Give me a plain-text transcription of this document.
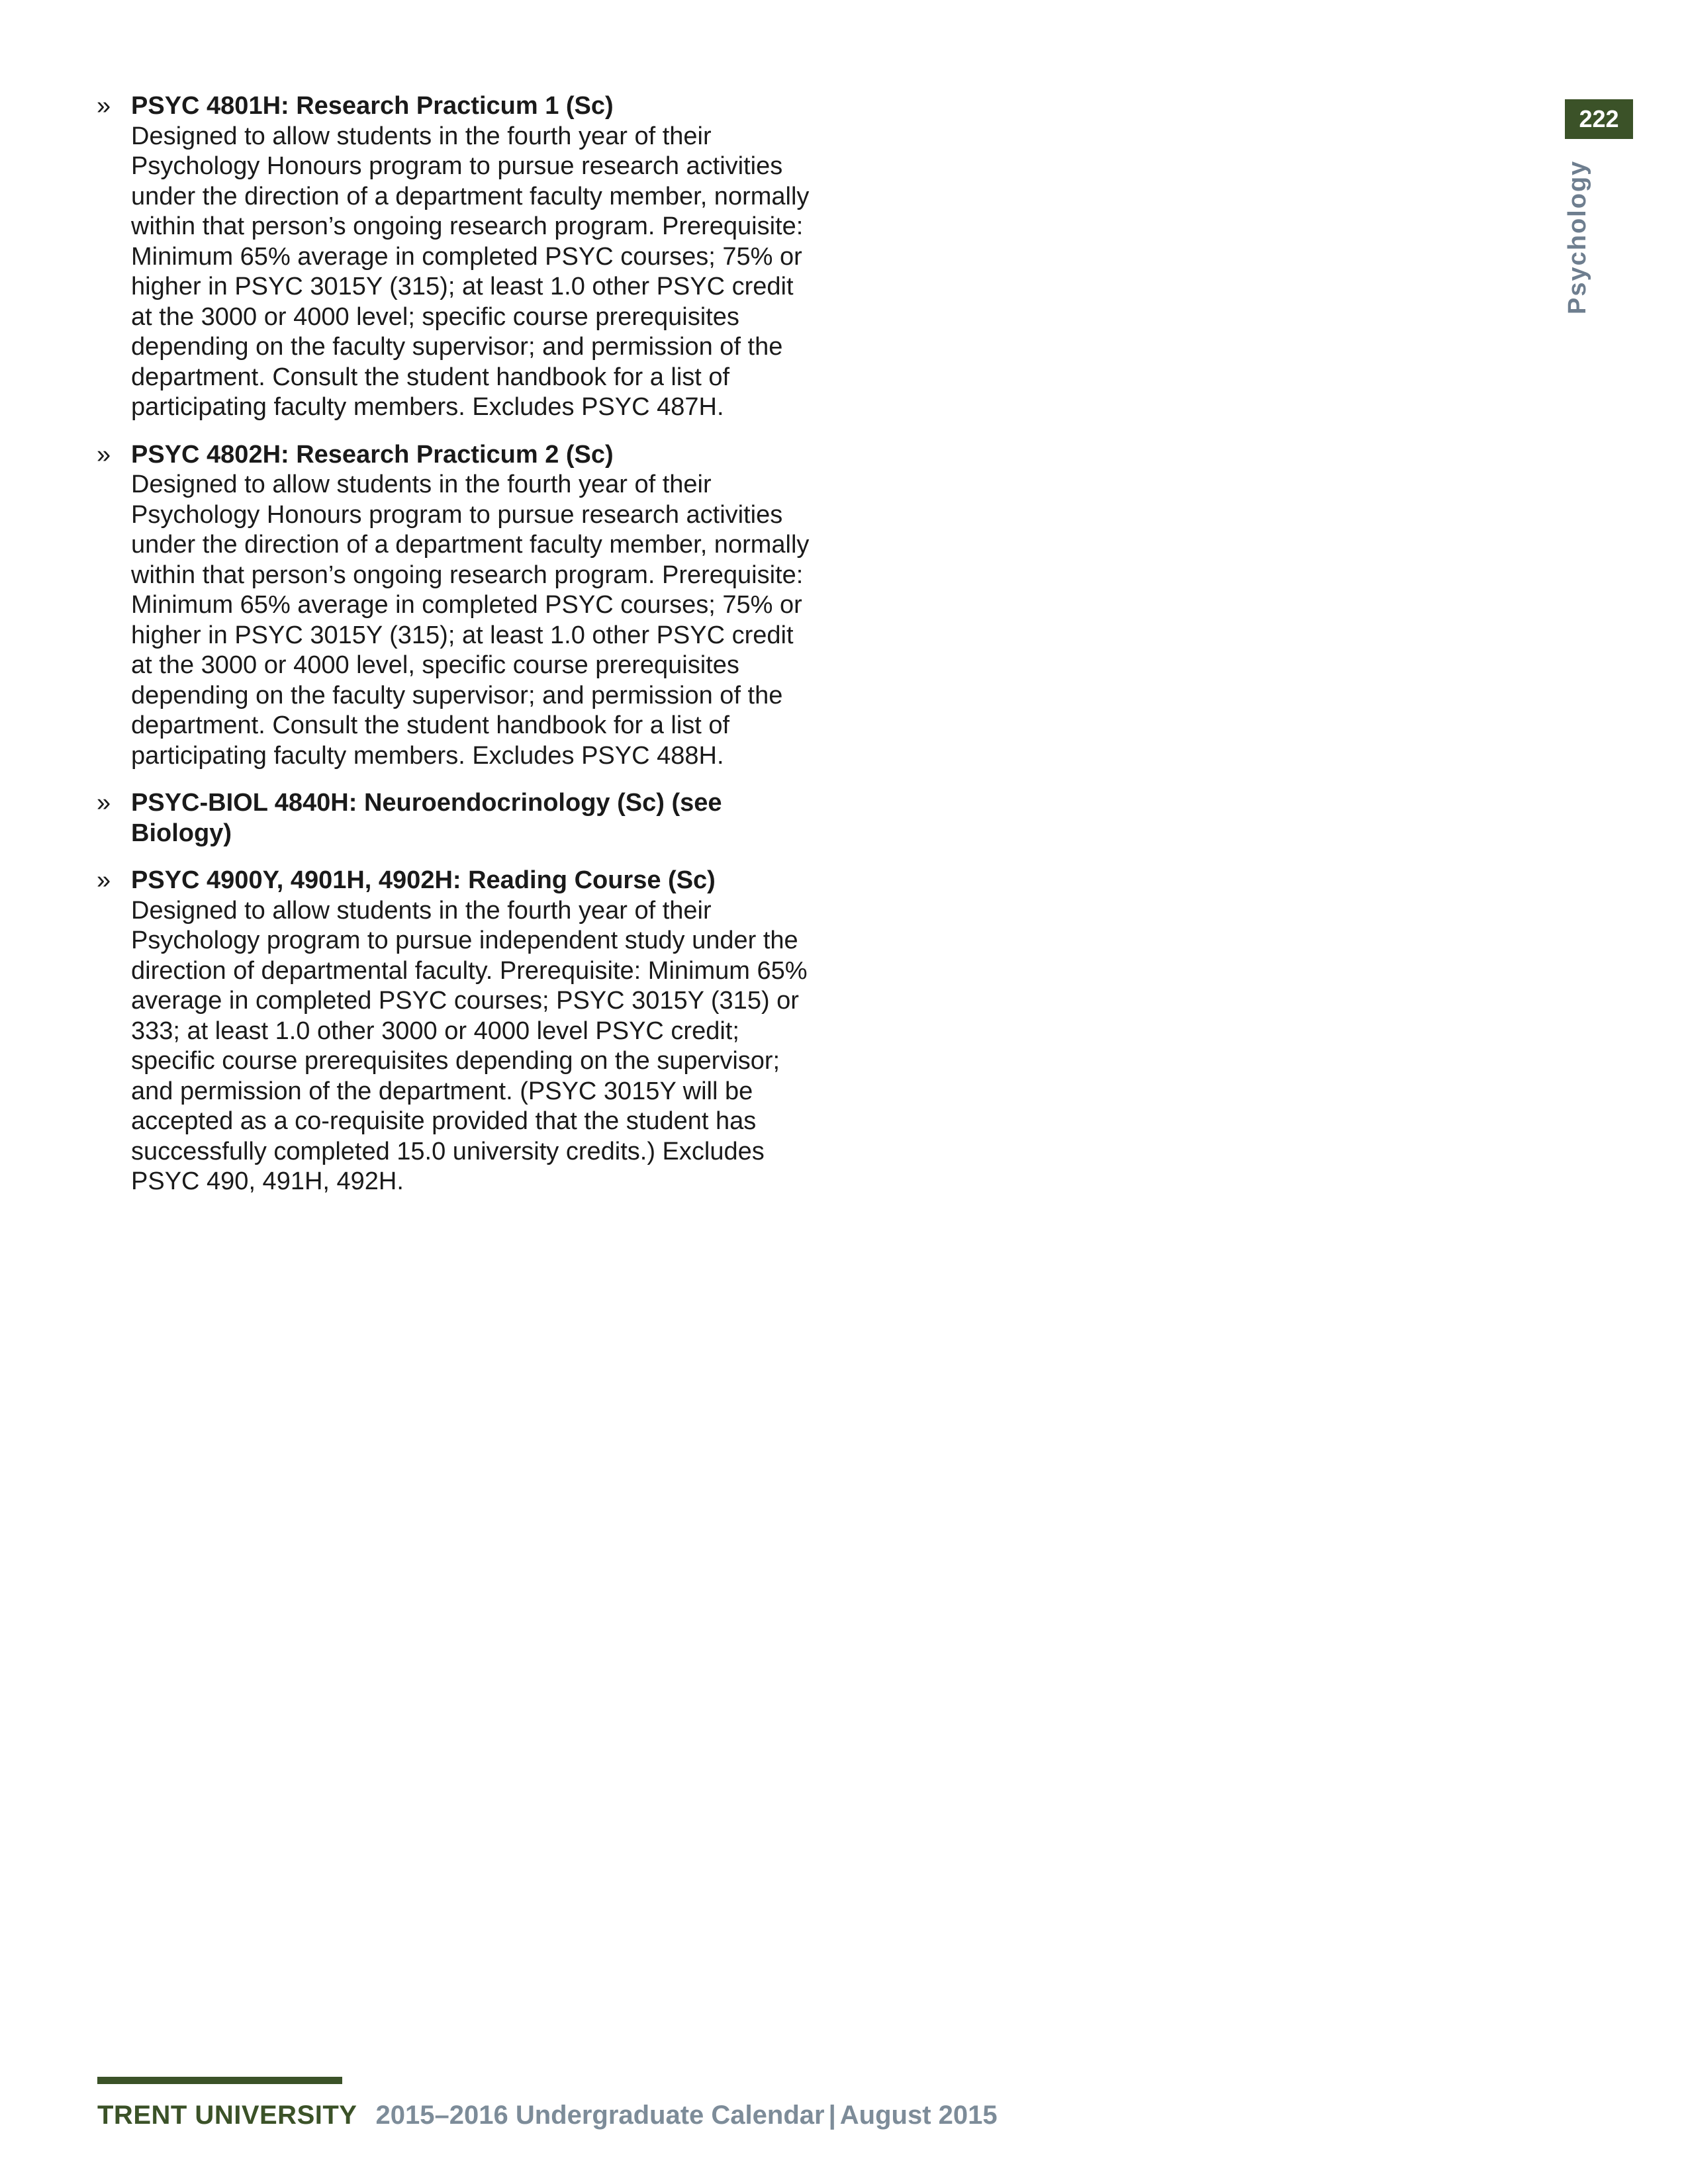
222
Psychology
» PSYC 4801H: Research Practicum 1 (Sc)
Designed to allow students in the fourth year of their Psychology Honours program to pursue research activities under the direction of a department faculty member, normally within that person’s ongoing research program. Prerequisite: Minimum 65% average in completed PSYC courses; 75% or higher in PSYC 3015Y (315); at least 1.0 other PSYC credit at the 3000 or 4000 level; specific course prerequisites depending on the faculty supervisor; and permission of the department. Consult the student handbook for a list of participating faculty members. Excludes PSYC 487H.
» PSYC 4802H: Research Practicum 2 (Sc)
Designed to allow students in the fourth year of their Psychology Honours program to pursue research activities under the direction of a department faculty member, normally within that person’s ongoing research program. Prerequisite: Minimum 65% average in completed PSYC courses; 75% or higher in PSYC 3015Y (315); at least 1.0 other PSYC credit at the 3000 or 4000 level, specific course prerequisites depending on the faculty supervisor; and permission of the department. Consult the student handbook for a list of participating faculty members. Excludes PSYC 488H.
» PSYC-BIOL 4840H: Neuroendocrinology (Sc) (see Biology)
» PSYC 4900Y, 4901H, 4902H: Reading Course (Sc)
Designed to allow students in the fourth year of their Psychology program to pursue independent study under the direction of departmental faculty. Prerequisite: Minimum 65% average in completed PSYC courses; PSYC 3015Y (315) or 333; at least 1.0 other 3000 or 4000 level PSYC credit; specific course prerequisites depending on the supervisor; and permission of the department. (PSYC 3015Y will be accepted as a co-requisite provided that the student has successfully completed 15.0 university credits.) Excludes PSYC 490, 491H, 492H.
TRENT UNIVERSITY 2015–2016 Undergraduate Calendar | August 2015
